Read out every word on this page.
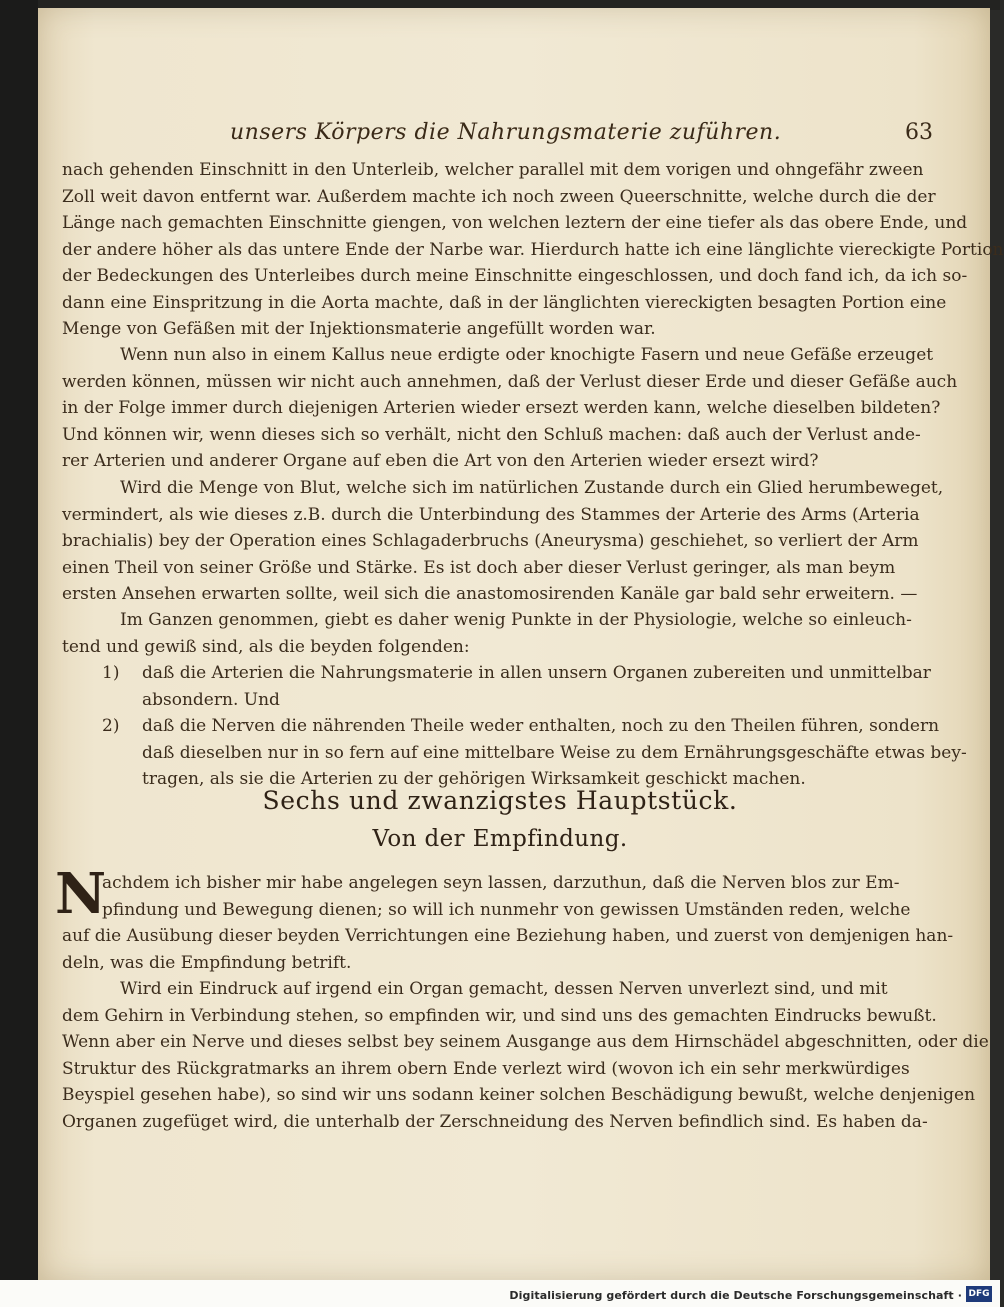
unsers Körpers die Nahrungsmaterie zuführen.	63
nach gehenden Einschnitt in den Unterleib, welcher parallel mit dem vorigen und ohngefähr zween
Zoll weit davon entfernt war. Außerdem machte ich noch zween Queerschnitte, welche durch die der
Länge nach gemachten Einschnitte giengen, von welchen leztern der eine tiefer als das obere Ende, und
der andere höher als das untere Ende der Narbe war. Hierdurch hatte ich eine länglichte viereckigte Portion
der Bedeckungen des Unterleibes durch meine Einschnitte eingeschlossen, und doch fand ich, da ich so-
dann eine Einspritzung in die Aorta machte, daß in der länglichten viereckigten besagten Portion eine
Menge von Gefäßen mit der Injektionsmaterie angefüllt worden war.
Wenn nun also in einem Kallus neue erdigte oder knochigte Fasern und neue Gefäße erzeuget
werden können, müssen wir nicht auch annehmen, daß der Verlust dieser Erde und dieser Gefäße auch
in der Folge immer durch diejenigen Arterien wieder ersezt werden kann, welche dieselben bildeten?
Und können wir, wenn dieses sich so verhält, nicht den Schluß machen: daß auch der Verlust ande-
rer Arterien und anderer Organe auf eben die Art von den Arterien wieder ersezt wird?
Wird die Menge von Blut, welche sich im natürlichen Zustande durch ein Glied herumbeweget,
vermindert, als wie dieses z.B. durch die Unterbindung des Stammes der Arterie des Arms (Arteria
brachialis) bey der Operation eines Schlagaderbruchs (Aneurysma) geschiehet, so verliert der Arm
einen Theil von seiner Größe und Stärke. Es ist doch aber dieser Verlust geringer, als man beym
ersten Ansehen erwarten sollte, weil sich die anastomosirenden Kanäle gar bald sehr erweitern. —
Im Ganzen genommen, giebt es daher wenig Punkte in der Physiologie, welche so einleuch-
tend und gewiß sind, als die beyden folgenden:
1) daß die Arterien die Nahrungsmaterie in allen unsern Organen zubereiten und unmittelbar
absondern. Und
2) daß die Nerven die nährenden Theile weder enthalten, noch zu den Theilen führen, sondern
daß dieselben nur in so fern auf eine mittelbare Weise zu dem Ernährungsgeschäfte etwas bey-
tragen, als sie die Arterien zu der gehörigen Wirksamkeit geschickt machen.
Sechs und zwanzigstes Hauptstück.
Von der Empfindung.
N
achdem ich bisher mir habe angelegen seyn lassen, darzuthun, daß die Nerven blos zur Em-
pfindung und Bewegung dienen; so will ich nunmehr von gewissen Umständen reden, welche
auf die Ausübung dieser beyden Verrichtungen eine Beziehung haben, und zuerst von demjenigen han-
deln, was die Empfindung betrift.
Wird ein Eindruck auf irgend ein Organ gemacht, dessen Nerven unverlezt sind, und mit
dem Gehirn in Verbindung stehen, so empfinden wir, und sind uns des gemachten Eindrucks bewußt.
Wenn aber ein Nerve und dieses selbst bey seinem Ausgange aus dem Hirnschädel abgeschnitten, oder die
Struktur des Rückgratmarks an ihrem obern Ende verlezt wird (wovon ich ein sehr merkwürdiges
Beyspiel gesehen habe), so sind wir uns sodann keiner solchen Beschädigung bewußt, welche denjenigen
Organen zugefüget wird, die unterhalb der Zerschneidung des Nerven befindlich sind. Es haben da-
Digitalisierung gefördert durch die Deutsche Forschungsgemeinschaft · DFG
